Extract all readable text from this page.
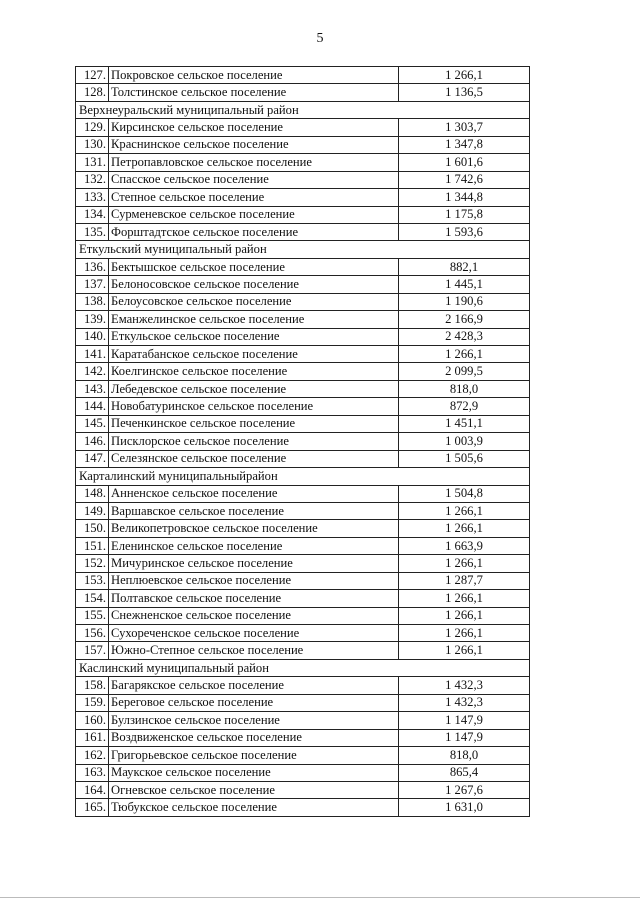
5
127.	Покровское сельское поселение	1 266,1
128.	Толстинское сельское поселение	1 136,5
Верхнеуральский муниципальный район		
129.	Кирсинское сельское поселение	1 303,7
130.	Краснинское сельское поселение	1 347,8
131.	Петропавловское сельское поселение	1 601,6
132.	Спасское сельское поселение	1 742,6
133.	Степное сельское поселение	1 344,8
134.	Сурменевское сельское поселение	1 175,8
135.	Форштадтское сельское поселение	1 593,6
Еткульский муниципальный район		
136.	Бектышское сельское поселение	882,1
137.	Белоносовское сельское поселение	1 445,1
138.	Белоусовское сельское поселение	1 190,6
139.	Еманжелинское сельское поселение	2 166,9
140.	Еткульское сельское поселение	2 428,3
141.	Каратабанское сельское поселение	1 266,1
142.	Коелгинское сельское поселение	2 099,5
143.	Лебедевское сельское поселение	818,0
144.	Новобатуринское сельское поселение	872,9
145.	Печенкинское сельское поселение	1 451,1
146.	Писклорское сельское поселение	1 003,9
147.	Селезянское сельское поселение	1 505,6
Карталинский муниципальныйрайон		
148.	Анненское сельское поселение	1 504,8
149.	Варшавское сельское поселение	1 266,1
150.	Великопетровское сельское поселение	1 266,1
151.	Еленинское сельское поселение	1 663,9
152.	Мичуринское сельское поселение	1 266,1
153.	Неплюевское сельское поселение	1 287,7
154.	Полтавское сельское поселение	1 266,1
155.	Снежненское сельское поселение	1 266,1
156.	Сухореченское сельское поселение	1 266,1
157.	Южно-Степное сельское поселение	1 266,1
Каслинский муниципальный район		
158.	Багарякское сельское поселение	1 432,3
159.	Береговое сельское поселение	1 432,3
160.	Булзинское сельское поселение	1 147,9
161.	Воздвиженское сельское поселение	1 147,9
162.	Григорьевское сельское поселение	818,0
163.	Маукское сельское поселение	865,4
164.	Огневское сельское поселение	1 267,6
165.	Тюбукское сельское поселение	1 631,0
